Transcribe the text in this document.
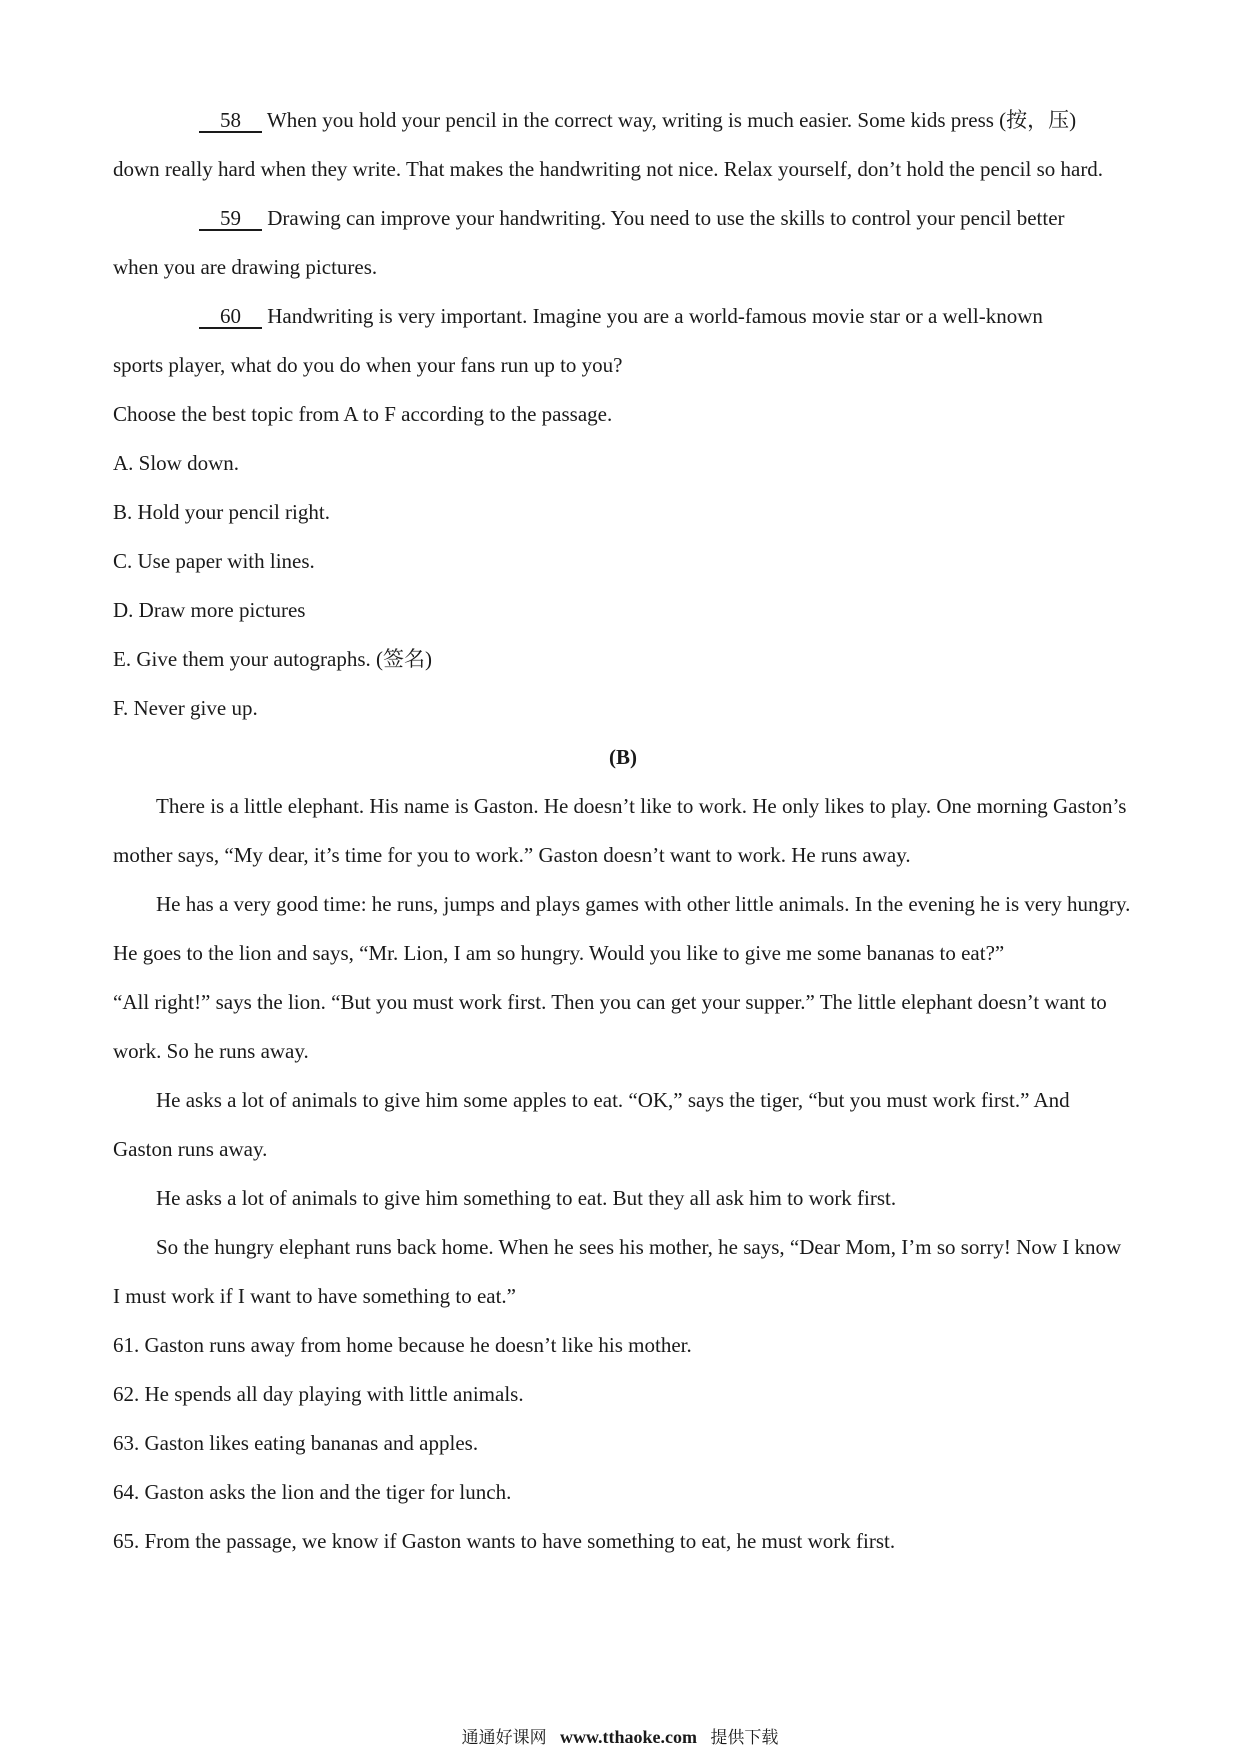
58 When you hold your pencil in the correct way, writing is much easier. Some kids press (按，压)

down really hard when they write. That makes the handwriting not nice. Relax yourself, don’t hold the pencil so hard.

59 Drawing can improve your handwriting. You need to use the skills to control your pencil better

when you are drawing pictures.

60 Handwriting is very important. Imagine you are a world-famous movie star or a well-known

sports player, what do you do when your fans run up to you?

Choose the best topic from A to F according to the passage.

A. Slow down.

B. Hold your pencil right.

C. Use paper with lines.

D. Draw more pictures

E. Give them your autographs. (签名)

F. Never give up.

(B)

There is a little elephant. His name is Gaston. He doesn’t like to work. He only likes to play. One morning Gaston’s mother says, “My dear, it’s time for you to work.” Gaston doesn’t want to work. He runs away.

He has a very good time: he runs, jumps and plays games with other little animals. In the evening he is very hungry. He goes to the lion and says, “Mr. Lion, I am so hungry. Would you like to give me some bananas to eat?”

“All right!” says the lion. “But you must work first. Then you can get your supper.” The little elephant doesn’t want to work. So he runs away.

He asks a lot of animals to give him some apples to eat. “OK,” says the tiger, “but you must work first.” And Gaston runs away.

He asks a lot of animals to give him something to eat. But they all ask him to work first.

So the hungry elephant runs back home. When he sees his mother, he says, “Dear Mom, I’m so sorry! Now I know I must work if I want to have something to eat.”

61. Gaston runs away from home because he doesn’t like his mother.

62. He spends all day playing with little animals.

63. Gaston likes eating bananas and apples.

64. Gaston asks the lion and the tiger for lunch.

65. From the passage, we know if Gaston wants to have something to eat, he must work first.

通通好课网 www.tthaoke.com 提供下载
